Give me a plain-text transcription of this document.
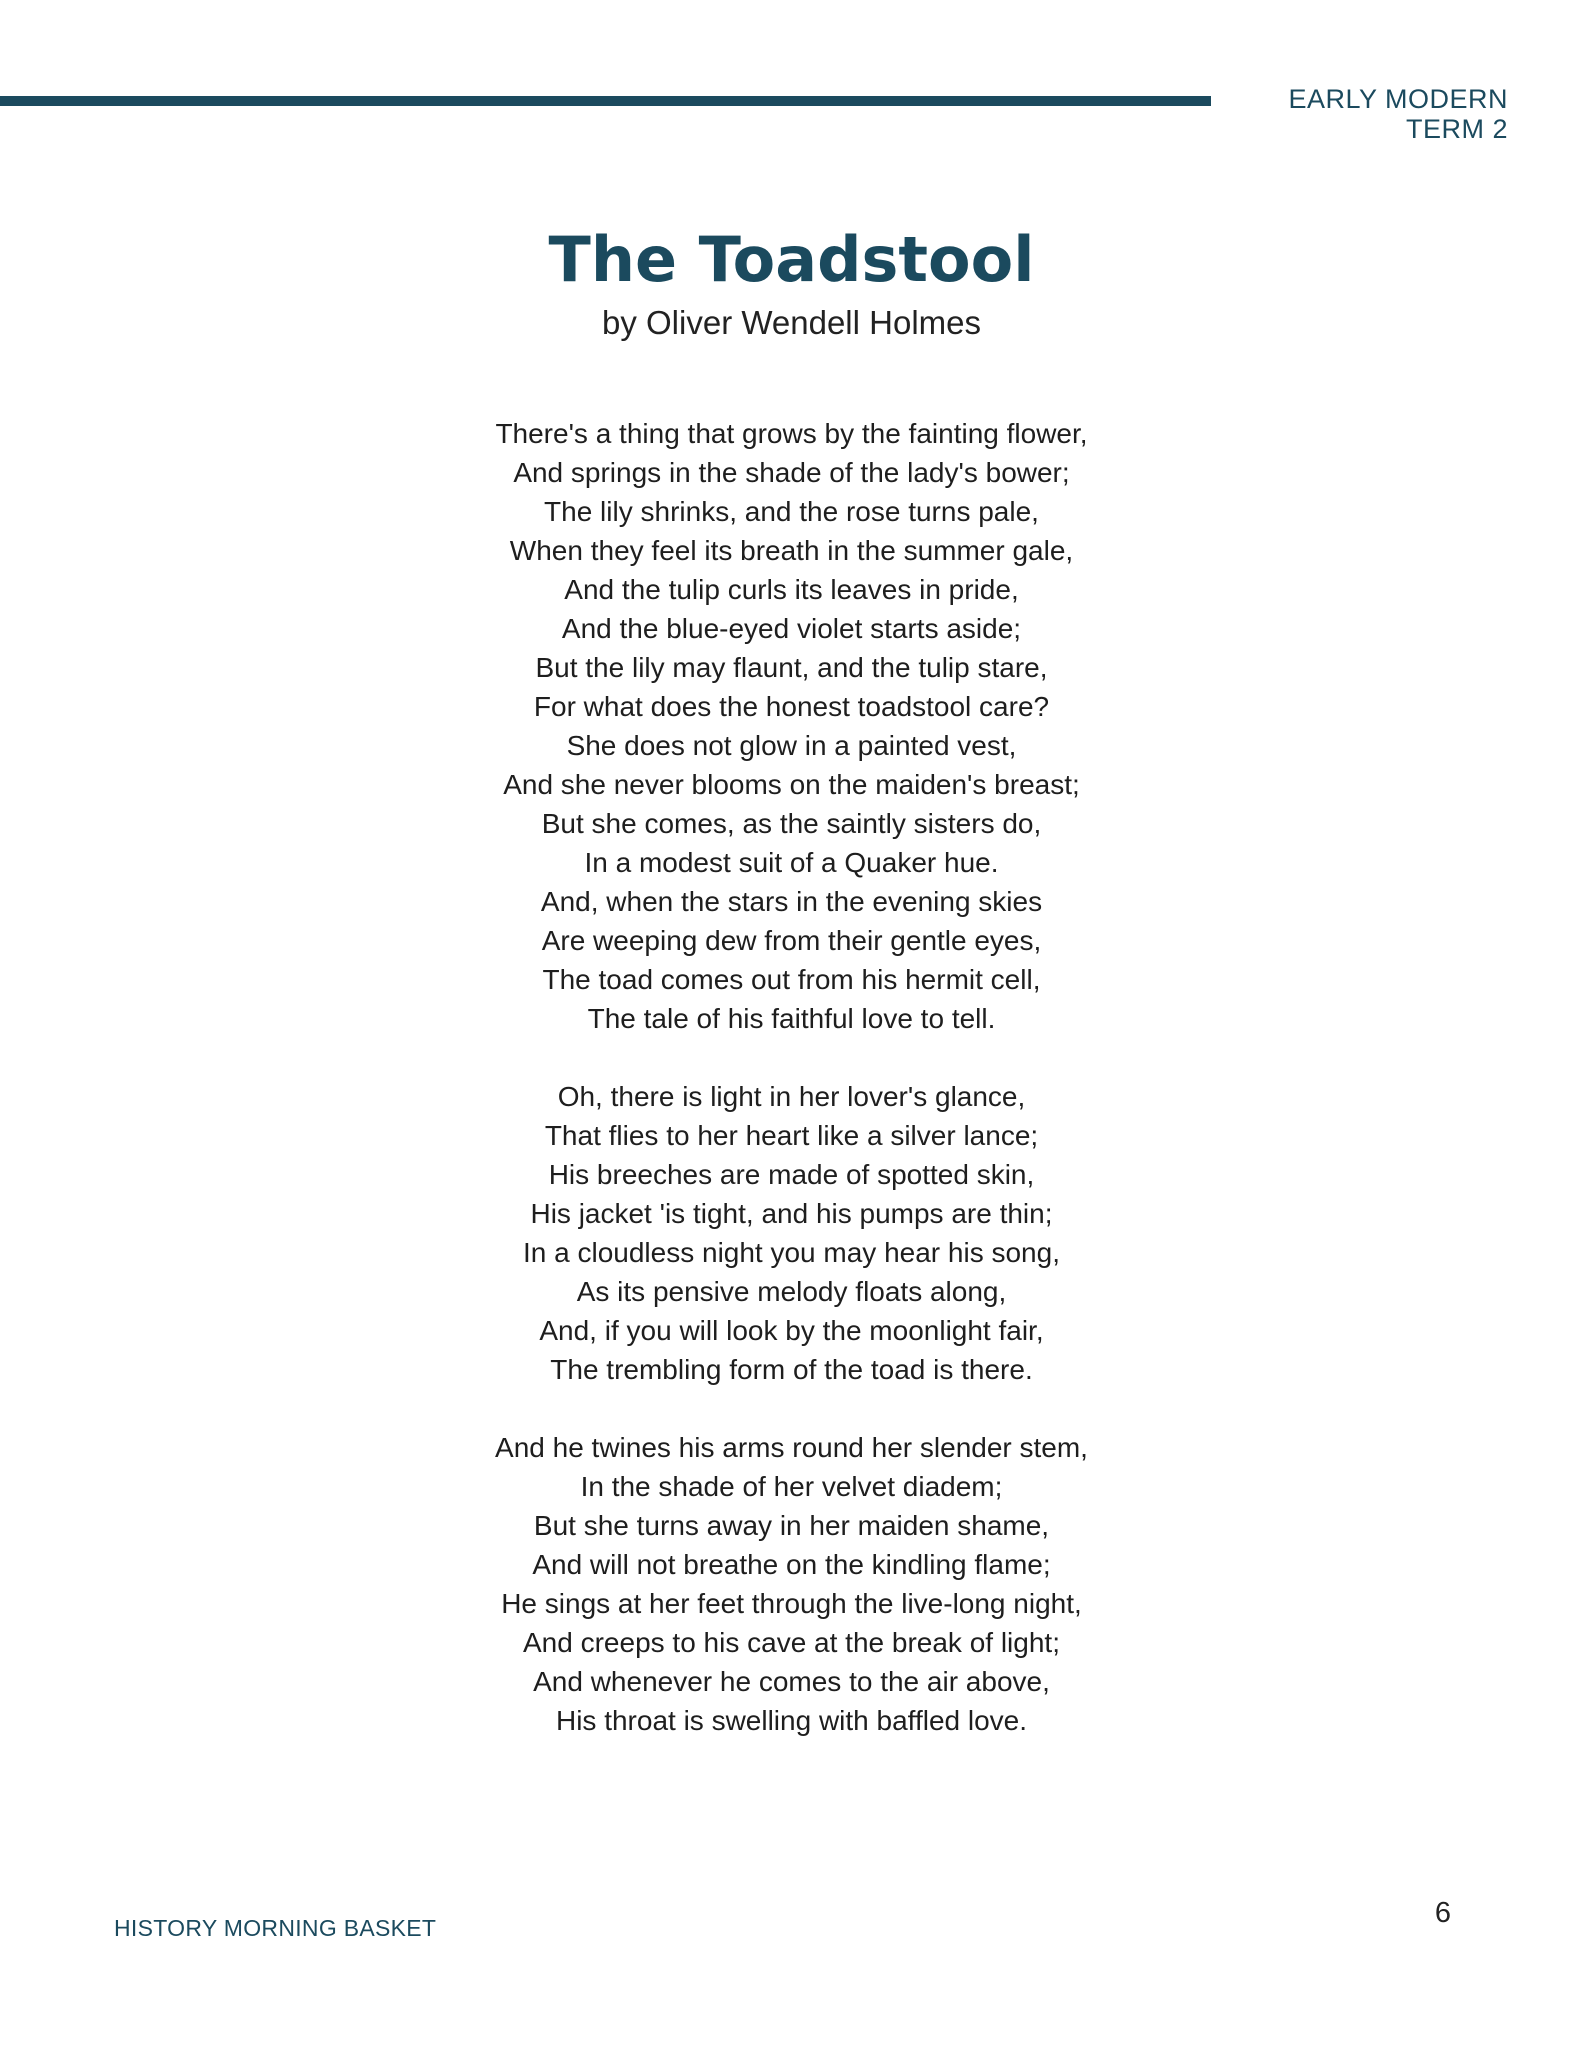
EARLY MODERN
TERM 2
The Toadstool

by Oliver Wendell Holmes

There's a thing that grows by the fainting flower,
And springs in the shade of the lady's bower;
The lily shrinks, and the rose turns pale,
When they feel its breath in the summer gale,
And the tulip curls its leaves in pride,
And the blue-eyed violet starts aside;
But the lily may flaunt, and the tulip stare,
For what does the honest toadstool care?
She does not glow in a painted vest,
And she never blooms on the maiden's breast;
But she comes, as the saintly sisters do,
In a modest suit of a Quaker hue.
And, when the stars in the evening skies
Are weeping dew from their gentle eyes,
The toad comes out from his hermit cell,
The tale of his faithful love to tell.
Oh, there is light in her lover's glance,
That flies to her heart like a silver lance;
His breeches are made of spotted skin,
His jacket 'is tight, and his pumps are thin;
In a cloudless night you may hear his song,
As its pensive melody floats along,
And, if you will look by the moonlight fair,
The trembling form of the toad is there.
And he twines his arms round her slender stem,
In the shade of her velvet diadem;
But she turns away in her maiden shame,
And will not breathe on the kindling flame;
He sings at her feet through the live-long night,
And creeps to his cave at the break of light;
And whenever he comes to the air above,
His throat is swelling with baffled love.
HISTORY MORNING BASKET	6
